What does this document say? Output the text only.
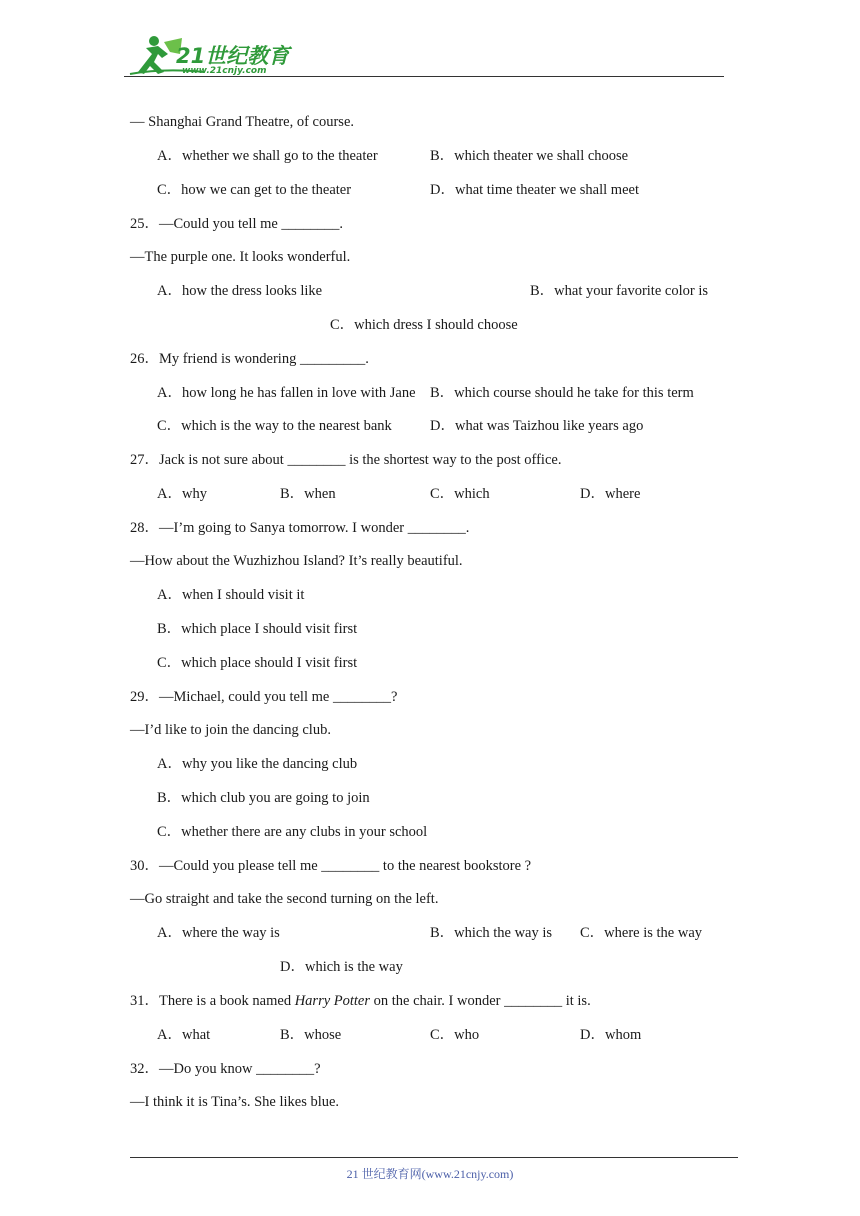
21世纪教育
www.21cnjy.com
— Shanghai Grand Theatre, of course.
A．whether we shall go to the theater	B．which theater we shall choose
C．how we can get to the theater	D．what time theater we shall meet
25．—Could you tell me ________.
—The purple one. It looks wonderful.
A．how the dress looks like	B．what your favorite color is
C．which dress I should choose
26．My friend is wondering _________.
A．how long he has fallen in love with Jane B．which course should he take for this term
C．which is the way to the nearest bank	D．what was Taizhou like years ago
27．Jack is not sure about ________ is the shortest way to the post office.
A．why	B．when	C．which	D．where
28．—I’m going to Sanya tomorrow. I wonder ________.
—How about the Wuzhizhou Island? It’s really beautiful.
A．when I should visit it
B．which place I should visit first
C．which place should I visit first
29．—Michael, could you tell me ________?
—I’d like to join the dancing club.
A．why you like the dancing club
B．which club you are going to join
C．whether there are any clubs in your school
30．—Could you please tell me ________ to the nearest bookstore ?
—Go straight and take the second turning on the left.
A．where the way is	B．which the way is C．where is the way
D．which is the way
31．There is a book named Harry Potter on the chair. I wonder ________ it is.
A．what	B．whose	C．who	D．whom
32．—Do you know ________?
—I think it is Tina’s. She likes blue.
21 世纪教育网(www.21cnjy.com)
